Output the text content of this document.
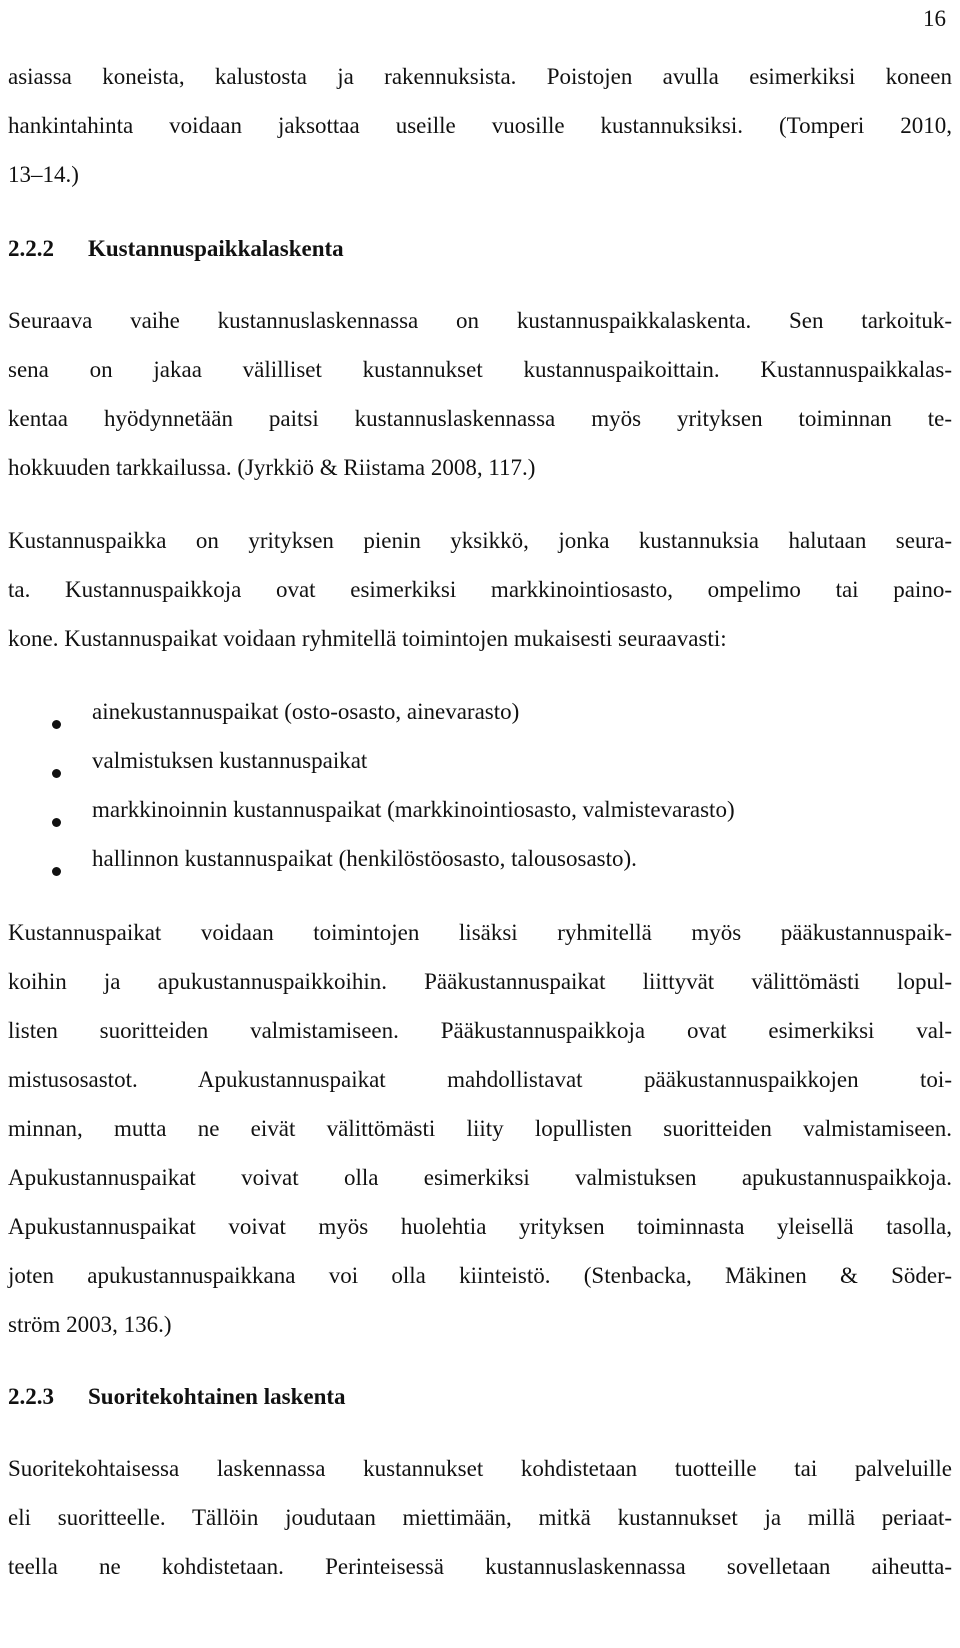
16
asiassa koneista, kalustosta ja rakennuksista. Poistojen avulla esimerkiksi koneen
hankintahinta voidaan jaksottaa useille vuosille kustannuksiksi. (Tomperi 2010,
13–14.)
2.2.2 Kustannuspaikkalaskenta
Seuraava vaihe kustannuslaskennassa on kustannuspaikkalaskenta. Sen tarkoituk-
sena on jakaa välilliset kustannukset kustannuspaikoittain. Kustannuspaikkalas-
kentaa hyödynnetään paitsi kustannuslaskennassa myös yrityksen toiminnan te-
hokkuuden tarkkailussa. (Jyrkkiö & Riistama 2008, 117.)
Kustannuspaikka on yrityksen pienin yksikkö, jonka kustannuksia halutaan seura-
ta. Kustannuspaikkoja ovat esimerkiksi markkinointiosasto, ompelimo tai paino-
kone. Kustannuspaikat voidaan ryhmitellä toimintojen mukaisesti seuraavasti:
ainekustannuspaikat (osto-osasto, ainevarasto)
valmistuksen kustannuspaikat
markkinoinnin kustannuspaikat (markkinointiosasto, valmistevarasto)
hallinnon kustannuspaikat (henkilöstöosasto, talousosasto).
Kustannuspaikat voidaan toimintojen lisäksi ryhmitellä myös pääkustannuspaik-
koihin ja apukustannuspaikkoihin. Pääkustannuspaikat liittyvät välittömästi lopul-
listen suoritteiden valmistamiseen. Pääkustannuspaikkoja ovat esimerkiksi val-
mistusosastot. Apukustannuspaikat mahdollistavat pääkustannuspaikkojen toi-
minnan, mutta ne eivät välittömästi liity lopullisten suoritteiden valmistamiseen.
Apukustannuspaikat voivat olla esimerkiksi valmistuksen apukustannuspaikkoja.
Apukustannuspaikat voivat myös huolehtia yrityksen toiminnasta yleisellä tasolla,
joten apukustannuspaikkana voi olla kiinteistö. (Stenbacka, Mäkinen & Söder-
ström 2003, 136.)
2.2.3 Suoritekohtainen laskenta
Suoritekohtaisessa laskennassa kustannukset kohdistetaan tuotteille tai palveluille
eli suoritteelle. Tällöin joudutaan miettimään, mitkä kustannukset ja millä periaat-
teella ne kohdistetaan. Perinteisessä kustannuslaskennassa sovelletaan aiheutta-
